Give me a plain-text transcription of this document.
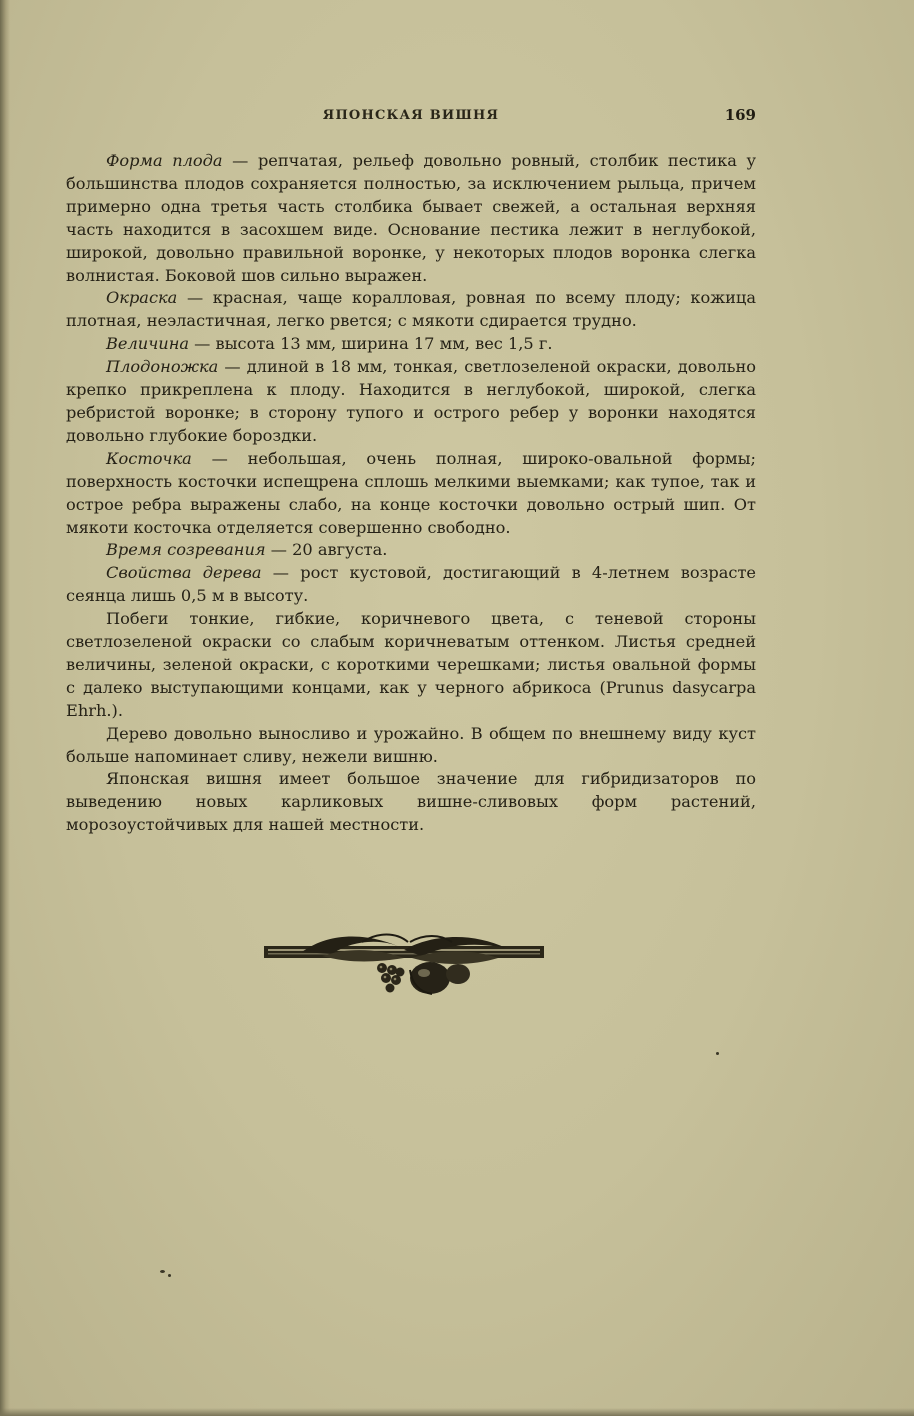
ЯПОНСКАЯ ВИШНЯ	169

Форма плода — репчатая, рельеф довольно ровный, столбик пестика у большинства плодов сохраняется полностью, за исключением рыльца, причем примерно одна третья часть столбика бывает свежей, а остальная верхняя часть находится в засохшем виде. Основание пестика лежит в неглубокой, широкой, довольно правильной воронке, у некоторых плодов воронка слегка волнистая. Боковой шов сильно выражен.

Окраска — красная, чаще коралловая, ровная по всему плоду; кожица плотная, неэластичная, легко рвется; с мякоти сдирается трудно.

Величина — высота 13 мм, ширина 17 мм, вес 1,5 г.

Плодоножка — длиной в 18 мм, тонкая, светлозеленой окраски, довольно крепко прикреплена к плоду. Находится в неглубокой, широкой, слегка ребристой воронке; в сторону тупого и острого ребер у воронки находятся довольно глубокие бороздки.

Косточка — небольшая, очень полная, широко-овальной формы; поверхность косточки испещрена сплошь мелкими выемками; как тупое, так и острое ребра выражены слабо, на конце косточки довольно острый шип. От мякоти косточка отделяется совершенно свободно.

Время созревания — 20 августа.

Свойства дерева — рост кустовой, достигающий в 4-летнем возрасте сеянца лишь 0,5 м в высоту.

Побеги тонкие, гибкие, коричневого цвета, с теневой стороны светлозеленой окраски со слабым коричневатым оттенком. Листья средней величины, зеленой окраски, с короткими черешками; листья овальной формы с далеко выступающими концами, как у черного абрикоса (Prunus dasycarpa Ehrh.).

Дерево довольно выносливо и урожайно. В общем по внешнему виду куст больше напоминает сливу, нежели вишню.

Японская вишня имеет большое значение для гибридизаторов по выведению новых карликовых вишне-сливовых форм растений, морозоустойчивых для нашей местности.
